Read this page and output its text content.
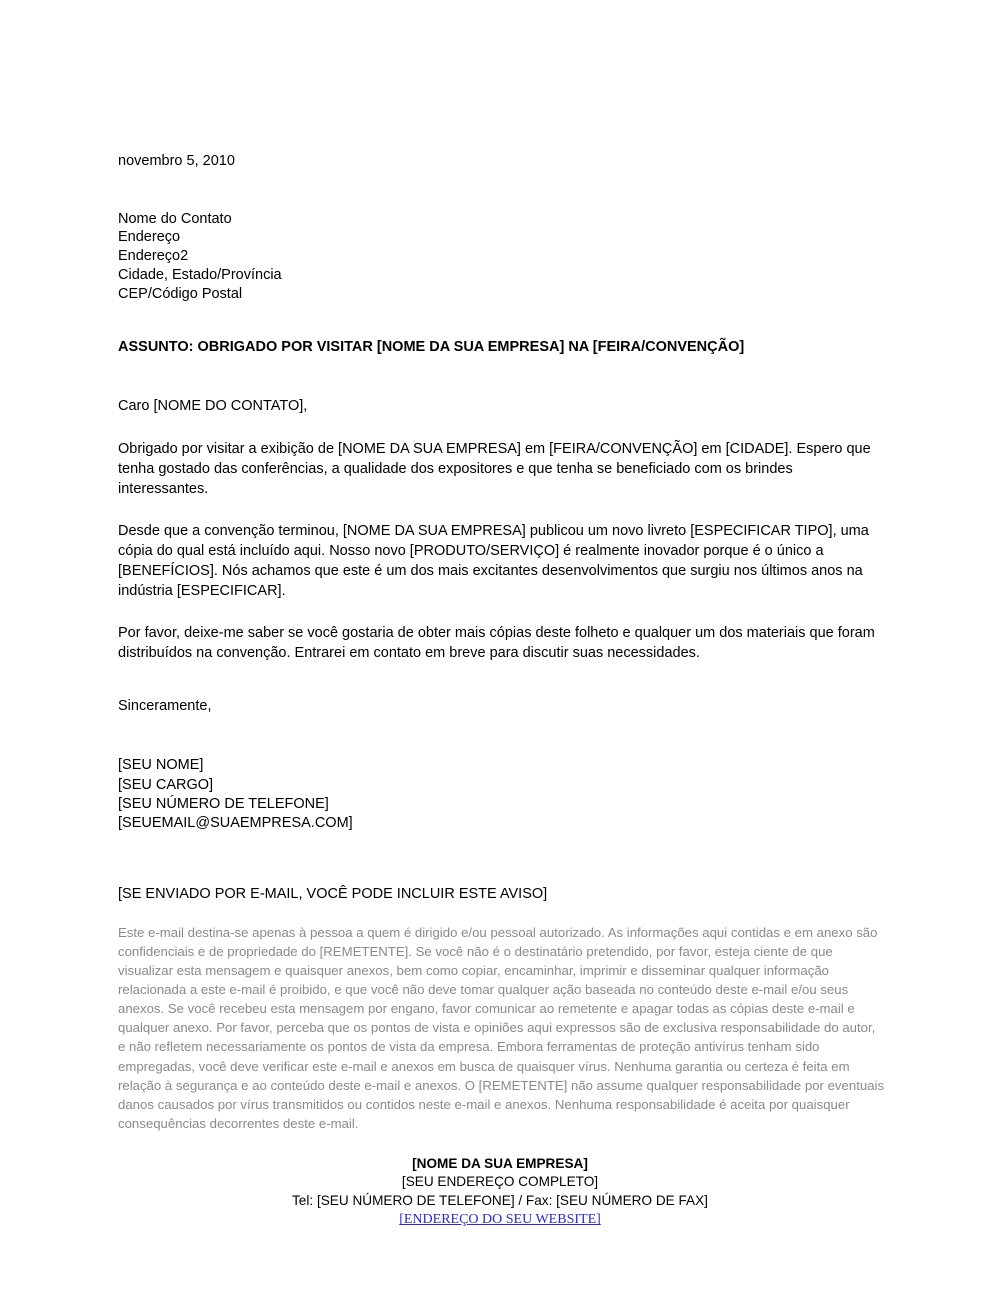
novembro 5, 2010
Nome do Contato
Endereço
Endereço2
Cidade, Estado/Província
CEP/Código Postal
ASSUNTO: OBRIGADO POR VISITAR [NOME DA SUA EMPRESA] NA [FEIRA/CONVENÇÃO]
Caro [NOME DO CONTATO],
Obrigado por visitar a exibição de [NOME DA SUA EMPRESA] em [FEIRA/CONVENÇÃO] em [CIDADE]. Espero que tenha gostado das conferências, a qualidade dos expositores e que tenha se beneficiado com os brindes interessantes.
Desde que a convenção terminou, [NOME DA SUA EMPRESA] publicou um novo livreto [ESPECIFICAR TIPO], uma cópia do qual está incluído aqui. Nosso novo [PRODUTO/SERVIÇO] é realmente inovador porque é o único a [BENEFÍCIOS]. Nós achamos que este é um dos mais excitantes desenvolvimentos que surgiu nos últimos anos na indústria [ESPECIFICAR].
Por favor, deixe-me saber se você gostaria de obter mais cópias deste folheto e qualquer um dos materiais que foram distribuídos na convenção. Entrarei em contato em breve para discutir suas necessidades.
Sinceramente,
[SEU NOME]
[SEU CARGO]
[SEU NÚMERO DE TELEFONE]
[SEUEMAIL@SUAEMPRESA.COM]
[SE ENVIADO POR E-MAIL, VOCÊ PODE INCLUIR ESTE AVISO]
Este e-mail destina-se apenas à pessoa a quem é dirigido e/ou pessoal autorizado. As informações aqui contidas e em anexo são confidenciais e de propriedade do [REMETENTE]. Se você não é o destinatário pretendido, por favor, esteja ciente de que visualizar esta mensagem e quaisquer anexos, bem como copiar, encaminhar, imprimir e disseminar qualquer informação relacionada a este e-mail é proibido, e que você não deve tomar qualquer ação baseada no conteúdo deste e-mail e/ou seus anexos. Se você recebeu esta mensagem por engano, favor comunicar ao remetente e apagar todas as cópias deste e-mail e qualquer anexo. Por favor, perceba que os pontos de vista e opiniões aqui expressos são de exclusiva responsabilidade do autor, e não refletem necessariamente os pontos de vista da empresa. Embora ferramentas de proteção antivírus tenham sido empregadas, você deve verificar este e-mail e anexos em busca de quaisquer vírus. Nenhuma garantia ou certeza é feita em relação à segurança e ao conteúdo deste e-mail e anexos. O [REMETENTE] não assume qualquer responsabilidade por eventuais danos causados por vírus transmitidos ou contidos neste e-mail e anexos. Nenhuma responsabilidade é aceita por quaisquer consequências decorrentes deste e-mail.
[NOME DA SUA EMPRESA]
[SEU ENDEREÇO COMPLETO]
Tel: [SEU NÚMERO DE TELEFONE] / Fax: [SEU NÚMERO DE FAX]
[ENDEREÇO DO SEU WEBSITE]
